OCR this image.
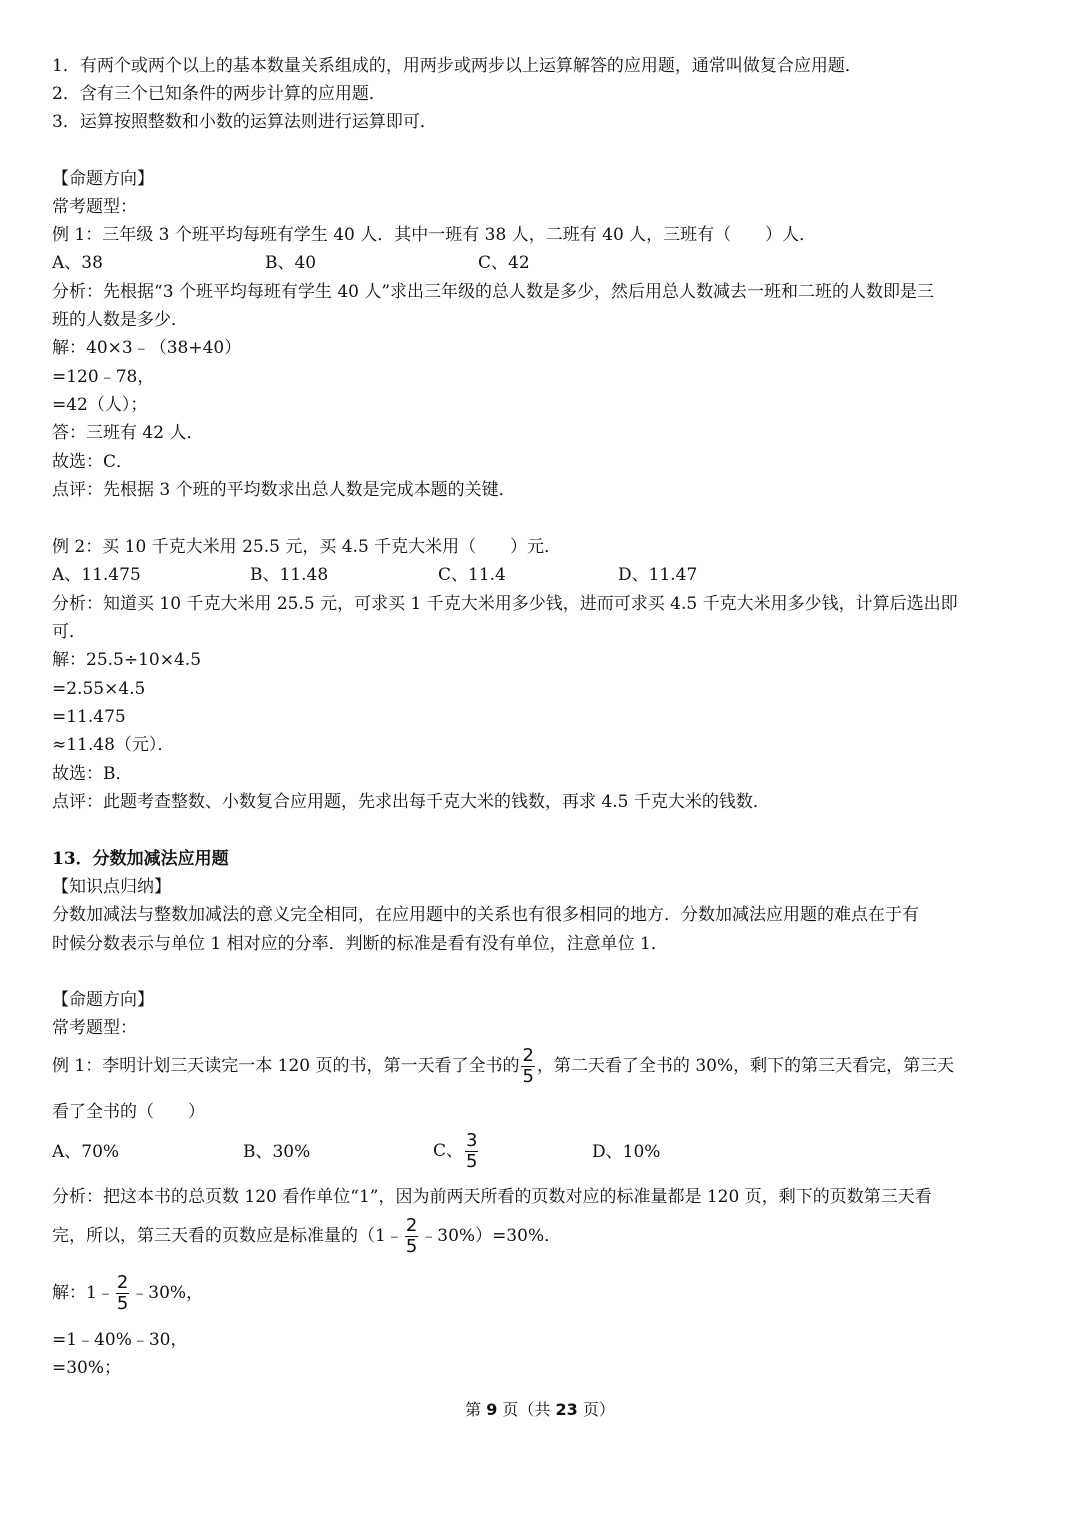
1．有两个或两个以上的基本数量关系组成的，用两步或两步以上运算解答的应用题，通常叫做复合应用题．
2．含有三个已知条件的两步计算的应用题．
3．运算按照整数和小数的运算法则进行运算即可．
【命题方向】
常考题型：
例 1：三年级 3 个班平均每班有学生 40 人．其中一班有 38 人，二班有 40 人，三班有（　　）人．
A、38	B、40	C、42
分析：先根据“3 个班平均每班有学生 40 人”求出三年级的总人数是多少，然后用总人数减去一班和二班的人数即是三
班的人数是多少．
解：40×3﹣（38+40）
=120﹣78，
=42（人）；
答：三班有 42 人．
故选：C．
点评：先根据 3 个班的平均数求出总人数是完成本题的关键．
例 2：买 10 千克大米用 25.5 元，买 4.5 千克大米用（　　）元．
A、11.475	B、11.48	C、11.4	D、11.47
分析：知道买 10 千克大米用 25.5 元，可求买 1 千克大米用多少钱，进而可求买 4.5 千克大米用多少钱，计算后选出即
可．
解：25.5÷10×4.5
=2.55×4.5
=11.475
≈11.48（元）．
故选：B．
点评：此题考查整数、小数复合应用题，先求出每千克大米的钱数，再求 4.5 千克大米的钱数．
13．分数加减法应用题
【知识点归纳】
分数加减法与整数加减法的意义完全相同，在应用题中的关系也有很多相同的地方．分数加减法应用题的难点在于有
时候分数表示与单位 1 相对应的分率．判断的标准是看有没有单位，注意单位 1．
【命题方向】
常考题型：
例 1：李明计划三天读完一本 120 页的书，第一天看了全书的 $\frac{2}{5}$ ，第二天看了全书的 30%，剩下的第三天看完，第三天
看了全书的（　　）
A、70%	B、30%	C、 $\frac{3}{5}$	D、10%
分析：把这本书的总页数 120 看作单位“1”，因为前两天所看的页数对应的标准量都是 120 页，剩下的页数第三天看
完，所以，第三天看的页数应是标准量的（1﹣ $\frac{2}{5}$ ﹣30%）=30%．
解：1﹣ $\frac{2}{5}$ ﹣30%，
=1﹣40%﹣30，
=30%；
第 9 页（共 23 页）
